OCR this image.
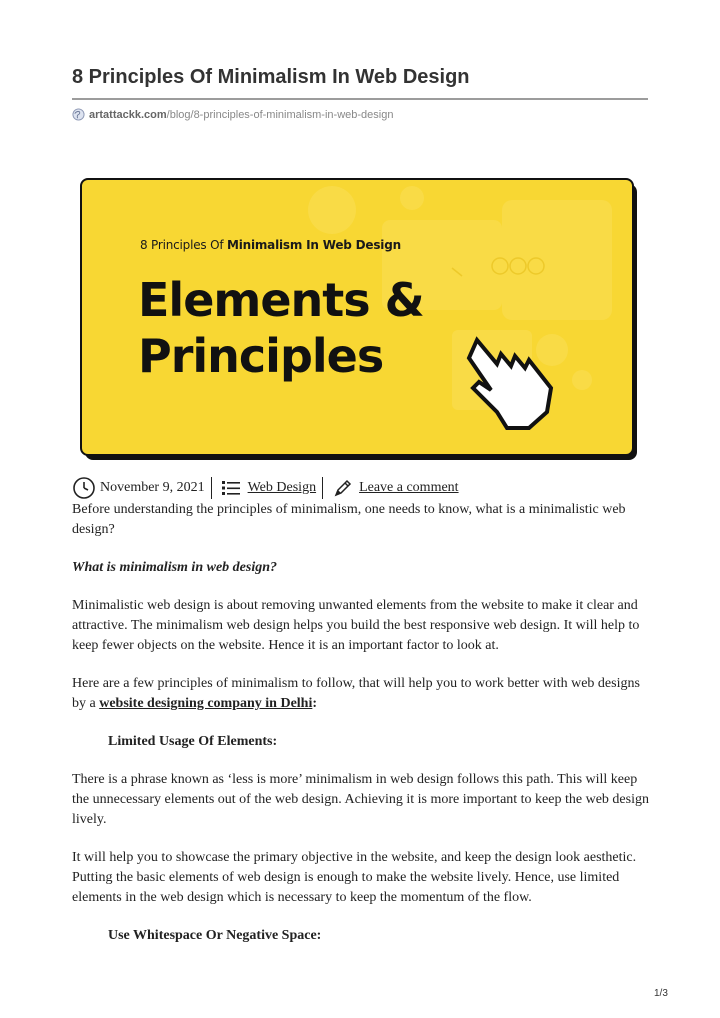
8 Principles Of Minimalism In Web Design
artattackk.com /blog/8-principles-of-minimalism-in-web-design
8 Principles Of Minimalism In Web Design
Elements &
Principles
November 9, 2021	Web Design	Leave a comment

Before understanding the principles of minimalism, one needs to know, what is a minimalistic web design?

What is minimalism in web design?

Minimalistic web design is about removing unwanted elements from the website to make it clear and attractive. The minimalism web design helps you build the best responsive web design. It will help to keep fewer objects on the website. Hence it is an important factor to look at.

Here are a few principles of minimalism to follow, that will help you to work better with web designs by a website designing company in Delhi:

Limited Usage Of Elements:

There is a phrase known as ‘less is more’ minimalism in web design follows this path. This will keep the unnecessary elements out of the web design. Achieving it is more important to keep the web design lively.

It will help you to showcase the primary objective in the website, and keep the design look aesthetic. Putting the basic elements of web design is enough to make the website lively. Hence, use limited elements in the web design which is necessary to keep the momentum of the flow.

Use Whitespace Or Negative Space:

1/3
